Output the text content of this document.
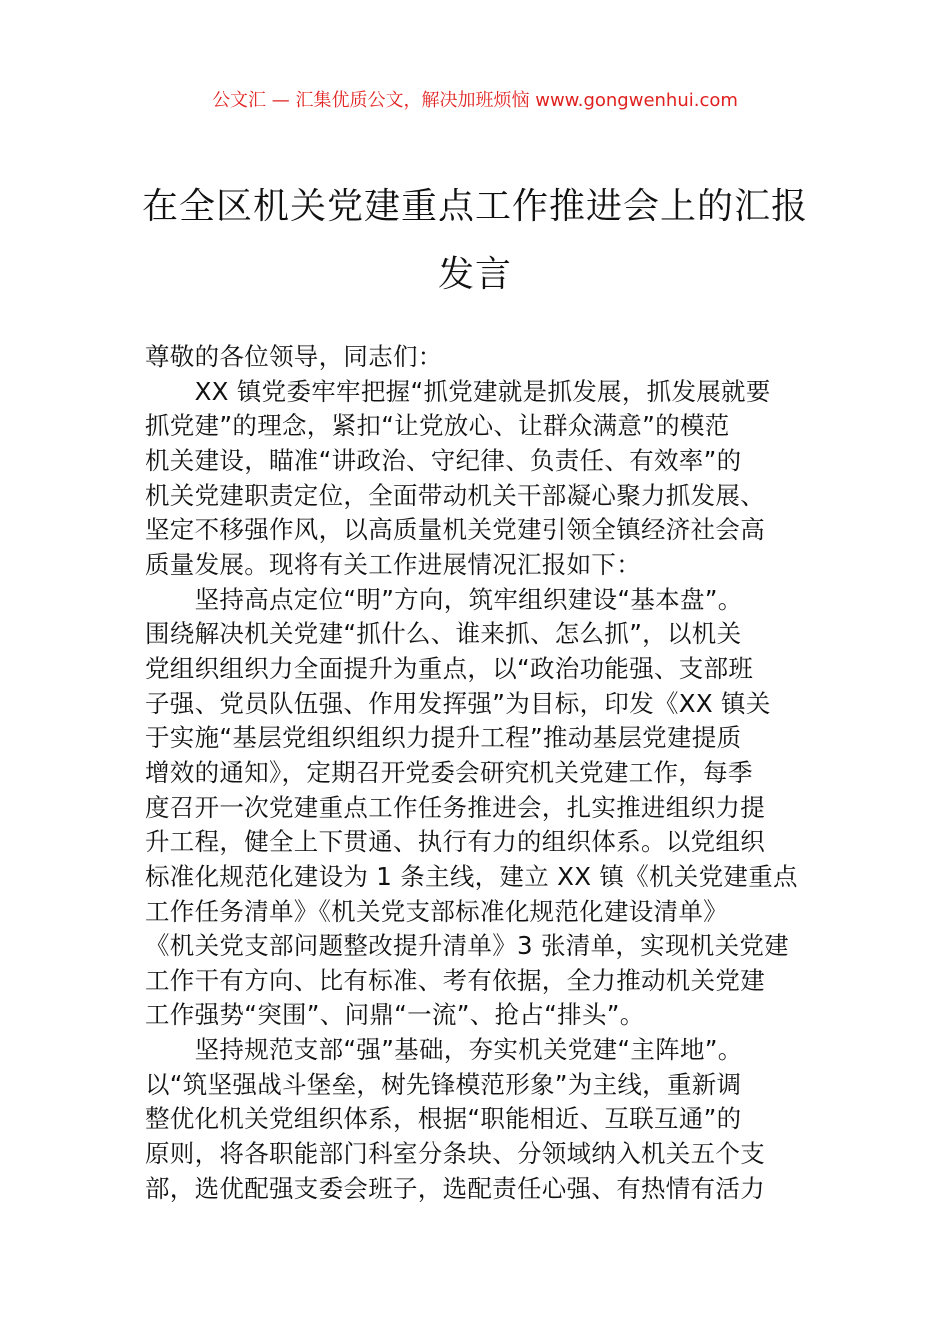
公文汇 — 汇集优质公文，解决加班烦恼 www.gongwenhui.com
在全区机关党建重点工作推进会上的汇报
发言
尊敬的各位领导，同志们：
　　XX 镇党委牢牢把握“抓党建就是抓发展，抓发展就要
抓党建”的理念，紧扣“让党放心、让群众满意”的模范
机关建设，瞄准“讲政治、守纪律、负责任、有效率”的
机关党建职责定位，全面带动机关干部凝心聚力抓发展、
坚定不移强作风，以高质量机关党建引领全镇经济社会高
质量发展。现将有关工作进展情况汇报如下：
　　坚持高点定位“明”方向，筑牢组织建设“基本盘”。
围绕解决机关党建“抓什么、谁来抓、怎么抓”，以机关
党组织组织力全面提升为重点，以“政治功能强、支部班
子强、党员队伍强、作用发挥强”为目标，印发《XX 镇关
于实施“基层党组织组织力提升工程”推动基层党建提质
增效的通知》，定期召开党委会研究机关党建工作，每季
度召开一次党建重点工作任务推进会，扎实推进组织力提
升工程，健全上下贯通、执行有力的组织体系。以党组织
标准化规范化建设为 1 条主线，建立 XX 镇《机关党建重点
工作任务清单》《机关党支部标准化规范化建设清单》
《机关党支部问题整改提升清单》3 张清单，实现机关党建
工作干有方向、比有标准、考有依据，全力推动机关党建
工作强势“突围”、问鼎“一流”、抢占“排头”。
　　坚持规范支部“强”基础，夯实机关党建“主阵地”。
以“筑坚强战斗堡垒，树先锋模范形象”为主线，重新调
整优化机关党组织体系，根据“职能相近、互联互通”的
原则，将各职能部门科室分条块、分领域纳入机关五个支
部，选优配强支委会班子，选配责任心强、有热情有活力
